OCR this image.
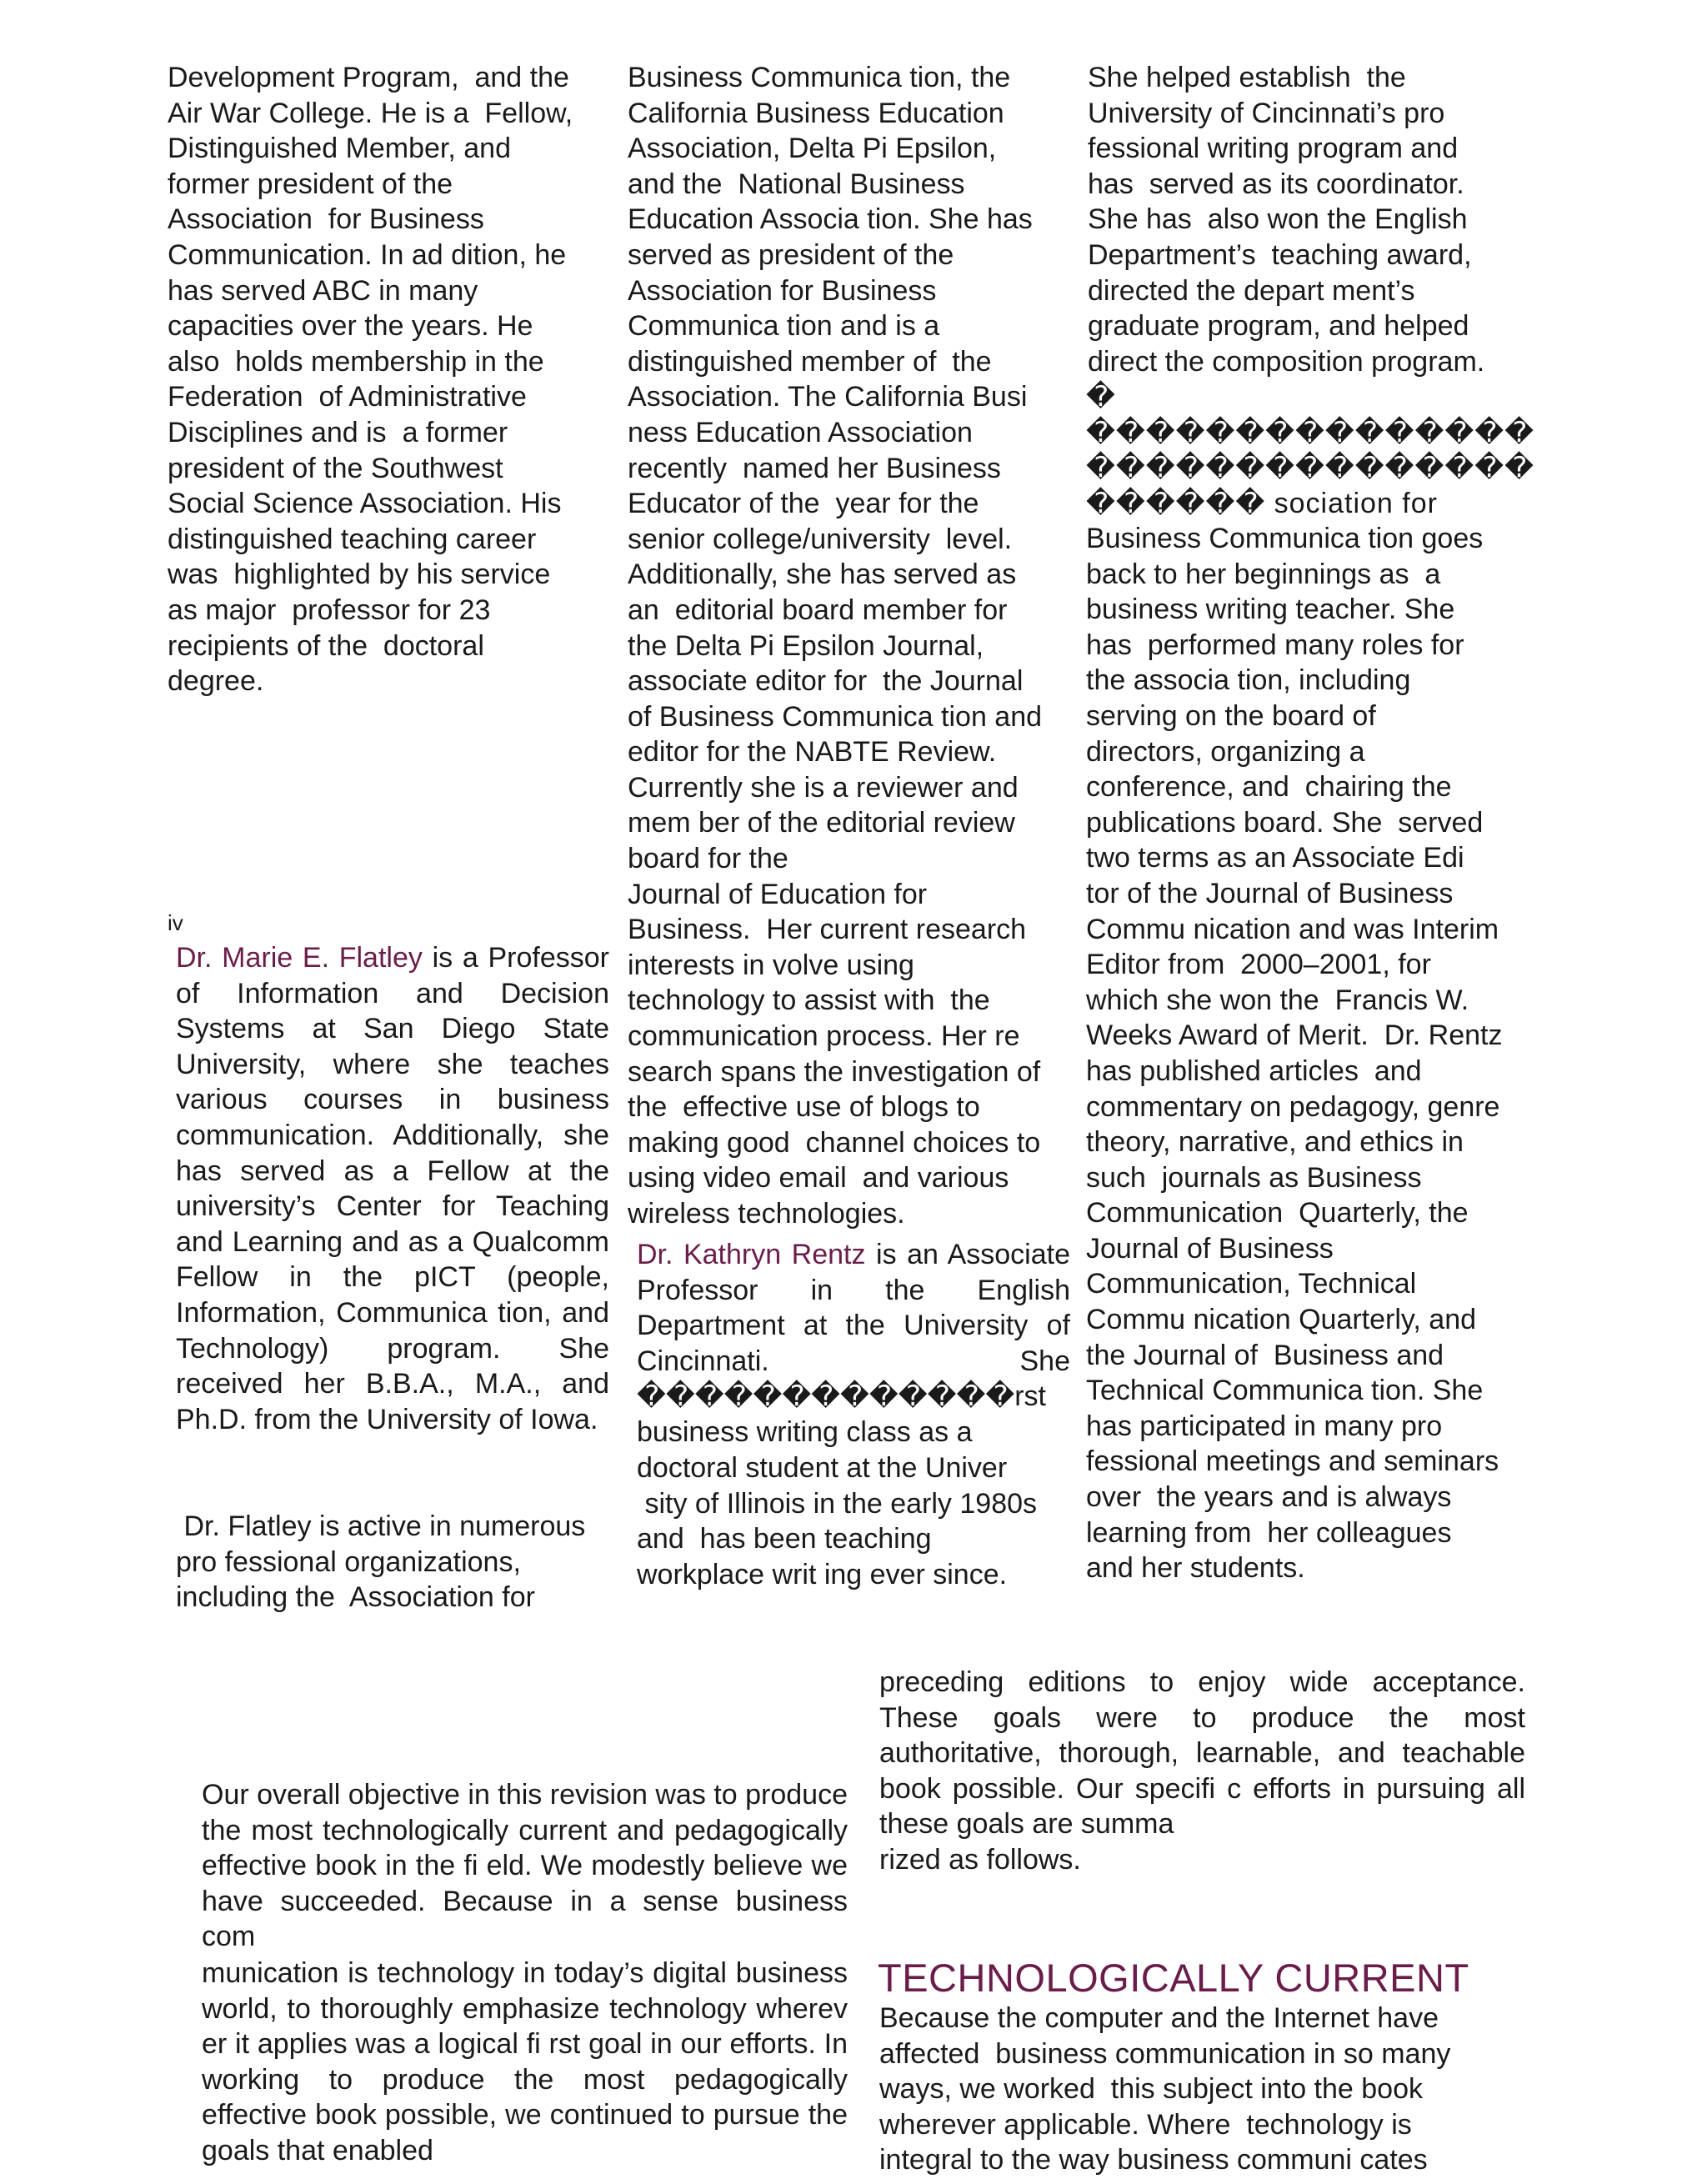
Development Program,  and the
Air War College. He is a  Fellow,
Distinguished Member, and
former president of the
Association  for Business
Communication. In ad dition, he
has served ABC in many
capacities over the years. He
also  holds membership in the
Federation  of Administrative
Disciplines and is  a former
president of the Southwest
Social Science Association. His
distinguished teaching career
was  highlighted by his service
as major  professor for 23
recipients of the  doctoral
degree.
iv

Dr. Marie E. Flatley is a Professor of Information and Decision Systems at San Diego State University, where she teaches various courses in business communication. Additionally, she has served as a Fellow at the university’s Center for Teaching and Learning and as a Qualcomm Fellow in the pICT (people, Information, Communica tion, and Technology) program. She received her B.B.A., M.A., and Ph.D. from the University of Iowa.

Dr. Flatley is active in numerous
pro fessional organizations,
including the  Association for
Business Communica tion, the
California Business Education
Association, Delta Pi Epsilon,
and the  National Business
Education Associa tion. She has
served as president of the
Association for Business
Communica tion and is a
distinguished member of  the
Association. The California Busi
ness Education Association
recently  named her Business
Educator of the  year for the
senior college/university  level.
Additionally, she has served as
an  editorial board member for
the Delta Pi Epsilon Journal,
associate editor for  the Journal
of Business Communica tion and
editor for the NABTE Review.
Currently she is a reviewer and
mem ber of the editorial review
board for the
Journal of Education for
Business.  Her current research
interests in volve using
technology to assist with  the
communication process. Her re
search spans the investigation of
the  effective use of blogs to
making good  channel choices to
using video email  and various
wireless technologies.

Dr. Kathryn Rentz is an Associate Professor in the English Department at the University of Cincinnati. She �������������rst business writing class as a

doctoral student at the Univer
sity of Illinois in the early 1980s
and  has been teaching
workplace writ ing ever since.
She helped establish  the
University of Cincinnati’s pro
fessional writing program and
has  served as its coordinator.
She has  also won the English
Department’s  teaching award,
directed the depart ment’s
graduate program, and helped
direct the composition program.
�
���������������
���������������
������ sociation for
Business Communica tion goes
back to her beginnings as  a
business writing teacher. She
has  performed many roles for
the associa tion, including
serving on the board of
directors, organizing a
conference, and  chairing the
publications board. She  served
two terms as an Associate Edi
tor of the Journal of Business
Commu nication and was Interim
Editor from  2000–2001, for
which she won the  Francis W.
Weeks Award of Merit.  Dr. Rentz
has published articles  and
commentary on pedagogy, genre
theory, narrative, and ethics in
such  journals as Business
Communication  Quarterly, the
Journal of Business
Communication, Technical
Commu nication Quarterly, and
the Journal of  Business and
Technical Communica tion. She
has participated in many pro
fessional meetings and seminars
over  the years and is always
learning from  her colleagues
and her students.

Our overall objective in this revision was to produce the most technologically current and pedagogically effective book in the fi eld. We modestly believe we have succeeded. Because in a sense business com

munication is technology in today’s digital business world, to thoroughly emphasize technology wherev er it applies was a logical fi rst goal in our efforts. In working to produce the most pedagogically effective book possible, we continued to pursue the goals that enabled

preceding editions to enjoy wide acceptance. These goals were to produce the most authoritative, thorough, learnable, and teachable book possible. Our specifi c efforts in pursuing all these goals are summa

rized as follows.

TECHNOLOGICALLY CURRENT
Because the computer and the Internet have
affected  business communication in so many
ways, we worked  this subject into the book
wherever applicable. Where  technology is
integral to the way business communi cates
